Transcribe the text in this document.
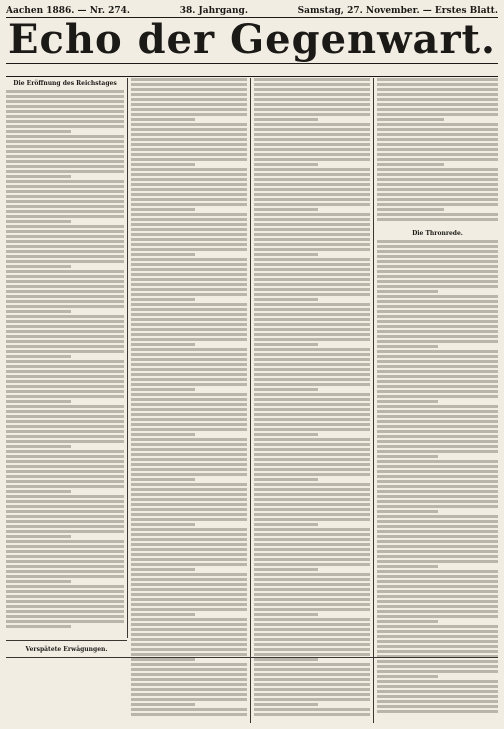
Aachen 1886. — Nr. 274.	38. Jahrgang.	Samstag, 27. November. — Erstes Blatt.
Echo der Gegenwart.
Die Eröffnung des Reichstages
Die Thronrede.
Verspätete Erwägungen.
